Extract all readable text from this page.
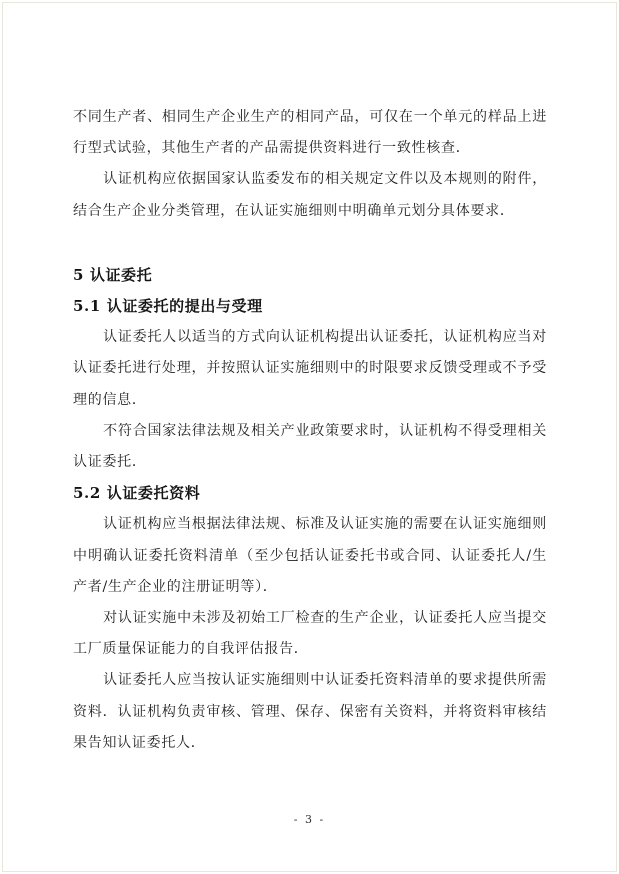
不同生产者、相同生产企业生产的相同产品，可仅在一个单元的样品上进行型式试验，其他生产者的产品需提供资料进行一致性核查．

认证机构应依据国家认监委发布的相关规定文件以及本规则的附件，结合生产企业分类管理，在认证实施细则中明确单元划分具体要求．

5 认证委托
5.1 认证委托的提出与受理

认证委托人以适当的方式向认证机构提出认证委托，认证机构应当对认证委托进行处理，并按照认证实施细则中的时限要求反馈受理或不予受理的信息．

不符合国家法律法规及相关产业政策要求时，认证机构不得受理相关认证委托．

5.2 认证委托资料

认证机构应当根据法律法规、标准及认证实施的需要在认证实施细则中明确认证委托资料清单（至少包括认证委托书或合同、认证委托人/生产者/生产企业的注册证明等）．

对认证实施中未涉及初始工厂检查的生产企业，认证委托人应当提交工厂质量保证能力的自我评估报告．

认证委托人应当按认证实施细则中认证委托资料清单的要求提供所需资料．认证机构负责审核、管理、保存、保密有关资料，并将资料审核结果告知认证委托人．

- 3 -
